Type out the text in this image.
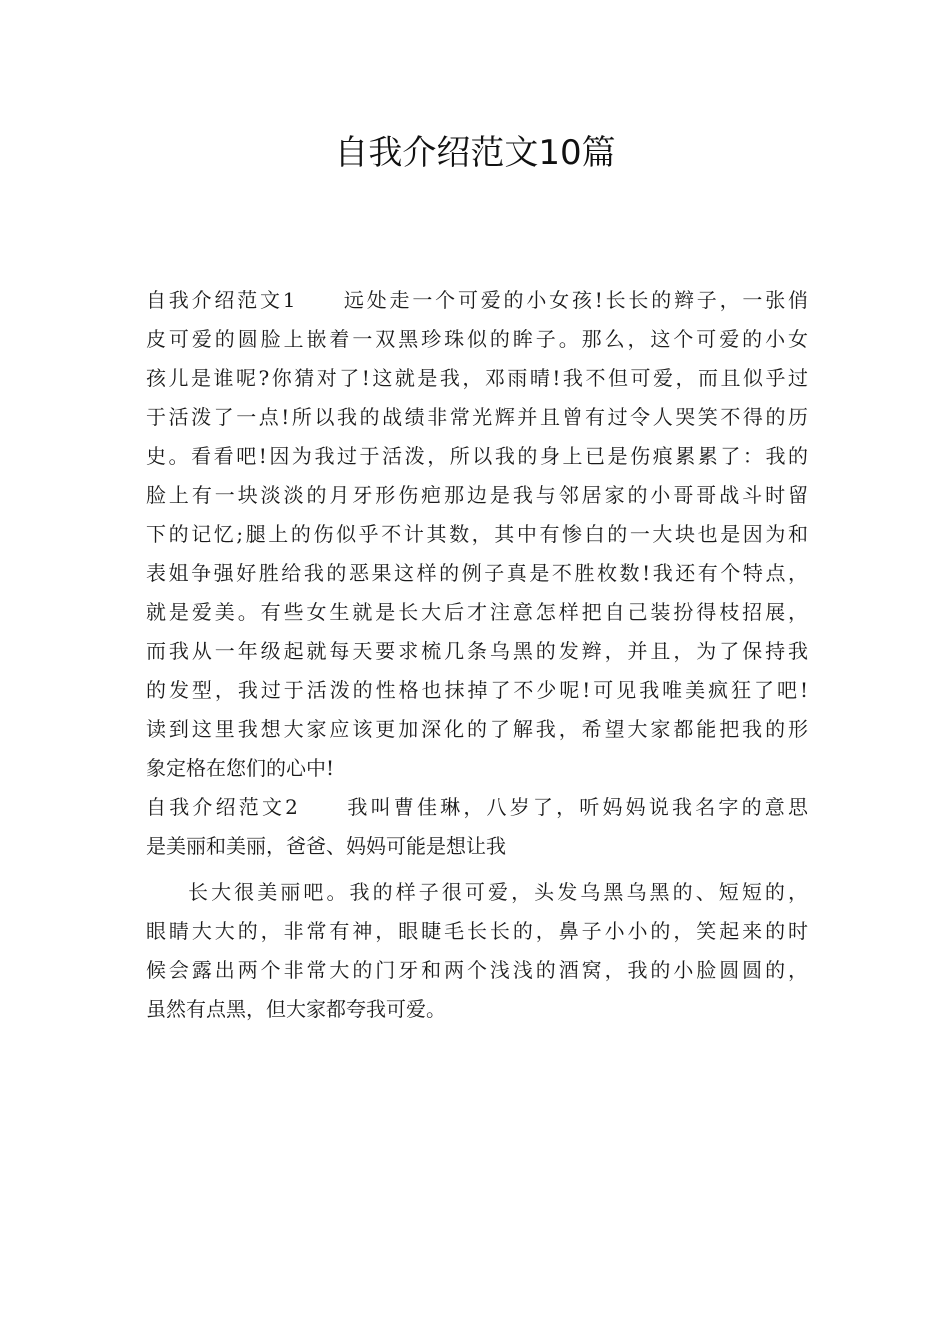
自我介绍范文10篇
自我介绍范文1　　远处走一个可爱的小女孩!长长的辫子，一张俏
皮可爱的圆脸上嵌着一双黑珍珠似的眸子。那么，这个可爱的小女
孩儿是谁呢?你猜对了!这就是我，邓雨晴!我不但可爱，而且似乎过
于活泼了一点!所以我的战绩非常光辉并且曾有过令人哭笑不得的历
史。看看吧!因为我过于活泼，所以我的身上已是伤痕累累了：我的
脸上有一块淡淡的月牙形伤疤那边是我与邻居家的小哥哥战斗时留
下的记忆;腿上的伤似乎不计其数，其中有惨白的一大块也是因为和
表姐争强好胜给我的恶果这样的例子真是不胜枚数!我还有个特点，
就是爱美。有些女生就是长大后才注意怎样把自己装扮得枝招展，
而我从一年级起就每天要求梳几条乌黑的发辫，并且，为了保持我
的发型，我过于活泼的性格也抹掉了不少呢!可见我唯美疯狂了吧!
读到这里我想大家应该更加深化的了解我，希望大家都能把我的形
象定格在您们的心中!
自我介绍范文2　　我叫曹佳琳，八岁了，听妈妈说我名字的意思
是美丽和美丽，爸爸、妈妈可能是想让我
长大很美丽吧。我的样子很可爱，头发乌黑乌黑的、短短的，
眼睛大大的，非常有神，眼睫毛长长的，鼻子小小的，笑起来的时
候会露出两个非常大的门牙和两个浅浅的酒窝，我的小脸圆圆的，
虽然有点黑，但大家都夸我可爱。
